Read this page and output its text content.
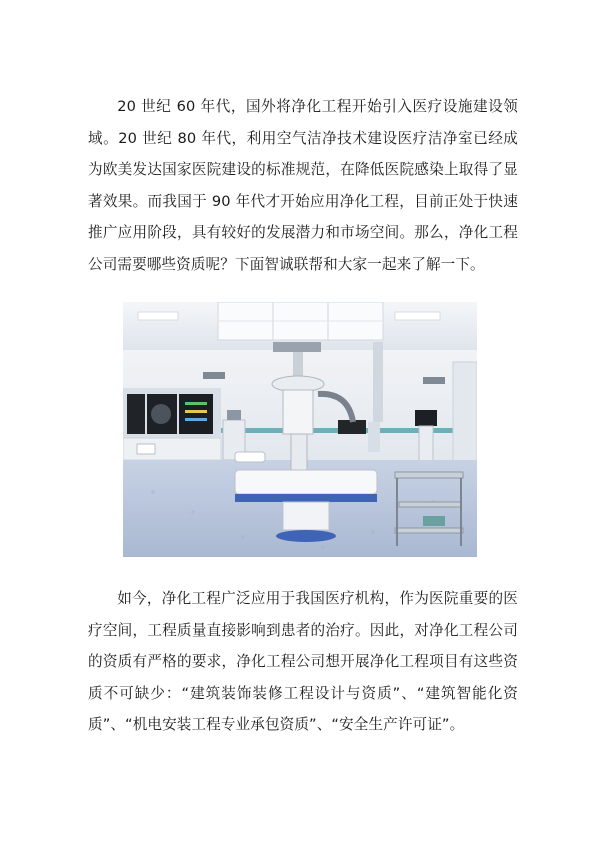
20 世纪 60 年代，国外将净化工程开始引入医疗设施建设领域。20 世纪 80 年代，利用空气洁净技术建设医疗洁净室已经成为欧美发达国家医院建设的标准规范，在降低医院感染上取得了显著效果。而我国于 90 年代才开始应用净化工程，目前正处于快速推广应用阶段，具有较好的发展潜力和市场空间。那么，净化工程公司需要哪些资质呢？下面智诚联帮和大家一起来了解一下。

如今，净化工程广泛应用于我国医疗机构，作为医院重要的医疗空间，工程质量直接影响到患者的治疗。因此，对净化工程公司的资质有严格的要求，净化工程公司想开展净化工程项目有这些资质不可缺少：“建筑装饰装修工程设计与资质”、“建筑智能化资质”、“机电安装工程专业承包资质”、“安全生产许可证”。
